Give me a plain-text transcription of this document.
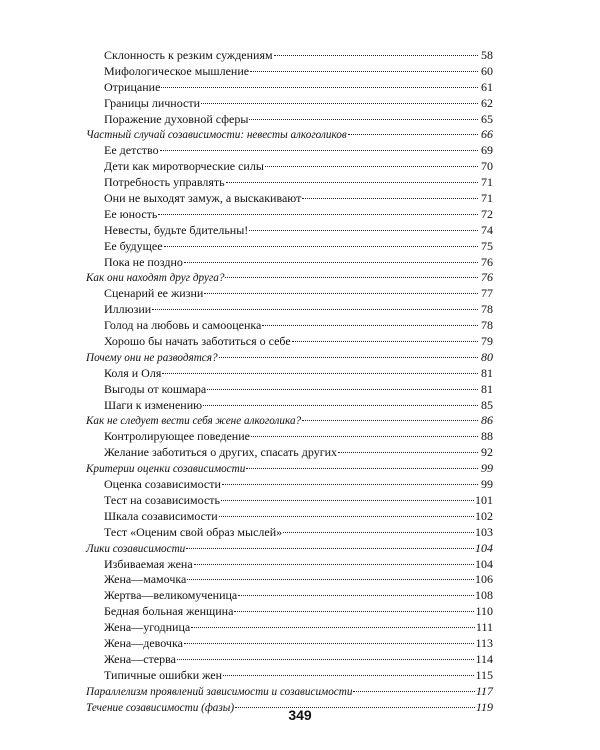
Склонность к резким суждениям	58
Мифологическое мышление	60
Отрицание	61
Границы личности	62
Поражение духовной сферы	65
Частный случай созависимости: невесты алкоголиков	66
Ее детство	69
Дети как миротворческие силы	70
Потребность управлять	71
Они не выходят замуж, а выскакивают	71
Ее юность	72
Невесты, будьте бдительны!	74
Ее будущее	75
Пока не поздно	76
Как они находят друг друга?	76
Сценарий ее жизни	77
Иллюзии	78
Голод на любовь и самооценка	78
Хорошо бы начать заботиться о себе	79
Почему они не разводятся?	80
Коля и Оля	81
Выгоды от кошмара	81
Шаги к изменению	85
Как не следует вести себя жене алкоголика?	86
Контролирующее поведение	88
Желание заботиться о других, спасать других	92
Критерии оценки созависимости	99
Оценка созависимости	99
Тест на созависимость	101
Шкала созависимости	102
Тест «Оценим свой образ мыслей»	103
Лики созависимости	104
Избиваемая жена	104
Жена—мамочка	106
Жертва—великомученица	108
Бедная больная женщина	110
Жена—угодница	111
Жена—девочка	113
Жена—стерва	114
Типичные ошибки жен	115
Параллелизм проявлений зависимости и созависимости	117
Течение созависимости (фазы)	119
349
